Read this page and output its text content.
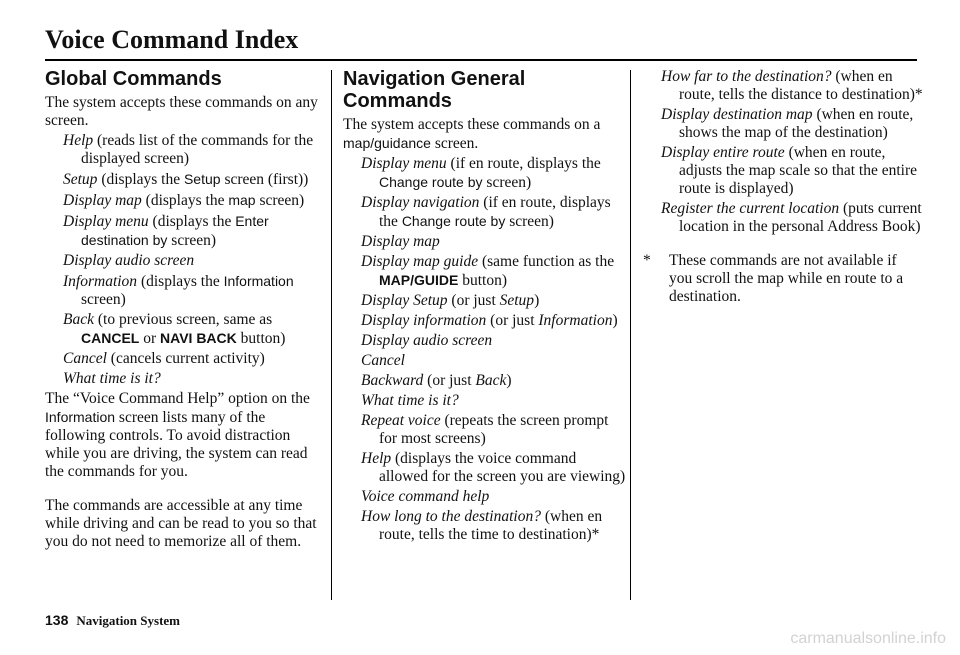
Voice Command Index
Global Commands

The system accepts these commands on any screen.

Help (reads list of the commands for the displayed screen)

Setup (displays the Setup screen (first))

Display map (displays the map screen)

Display menu (displays the Enter destination by screen)

Display audio screen

Information (displays the Information screen)

Back (to previous screen, same as CANCEL or NAVI BACK button)

Cancel (cancels current activity)

What time is it?

The “Voice Command Help” option on the Information screen lists many of the following controls. To avoid distraction while you are driving, the system can read the commands for you.

The commands are accessible at any time while driving and can be read to you so that you do not need to memorize all of them.

Navigation General Commands

The system accepts these commands on a map/guidance screen.

Display menu (if en route, displays the Change route by screen)

Display navigation (if en route, displays the Change route by screen)

Display map

Display map guide (same function as the MAP/GUIDE button)

Display Setup (or just Setup)

Display information (or just Information)

Display audio screen

Cancel

Backward (or just Back)

What time is it?

Repeat voice (repeats the screen prompt for most screens)

Help (displays the voice command allowed for the screen you are viewing)

Voice command help

How long to the destination? (when en route, tells the time to destination)*

How far to the destination? (when en route, tells the distance to destination)*

Display destination map (when en route, shows the map of the destination)

Display entire route (when en route, adjusts the map scale so that the entire route is displayed)

Register the current location (puts current location in the personal Address Book)

* These commands are not available if you scroll the map while en route to a destination.

138 Navigation System
carmanualsonline.info
